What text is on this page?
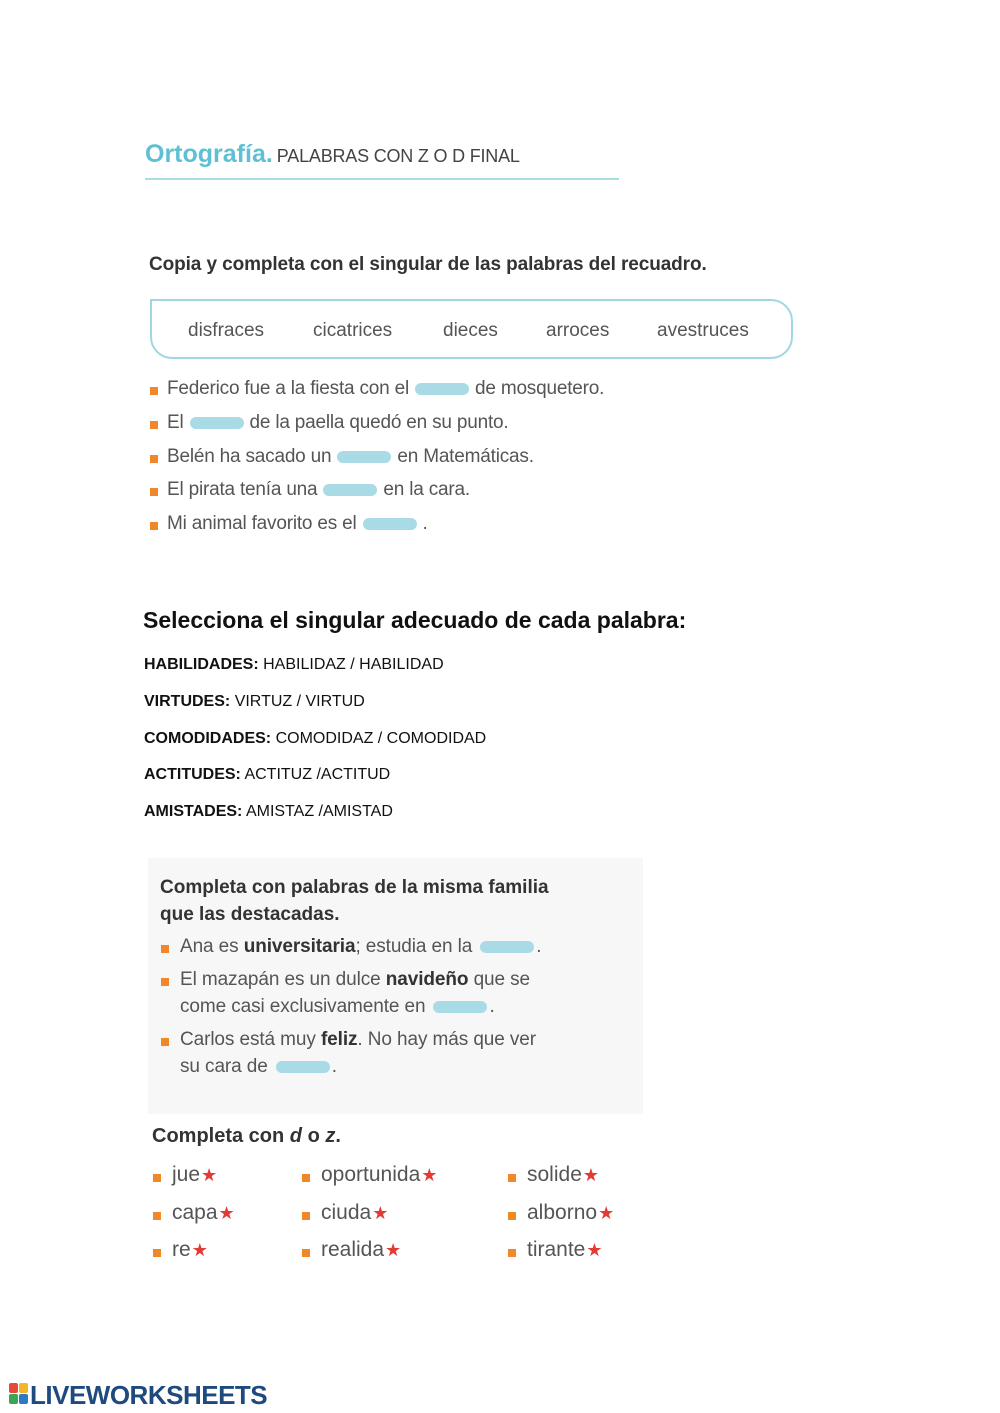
Ortografía. PALABRAS CON Z O D FINAL
Copia y completa con el singular de las palabras del recuadro.
disfraces	cicatrices	dieces	arroces	avestruces
Federico fue a la fiesta con el	de mosquetero.
El	de la paella quedó en su punto.
Belén ha sacado un	en Matemáticas.
El pirata tenía una	en la cara.
Mi animal favorito es el	.
Selecciona el singular adecuado de cada palabra:
HABILIDADES: HABILIDAZ / HABILIDAD
VIRTUDES: VIRTUZ / VIRTUD
COMODIDADES: COMODIDAZ / COMODIDAD
ACTITUDES: ACTITUZ /ACTITUD
AMISTADES: AMISTAZ /AMISTAD
Completa con palabras de la misma familia
que las destacadas.
Ana es universitaria; estudia en la	.
El mazapán es un dulce navideño que se
come casi exclusivamente en	.
Carlos está muy feliz. No hay más que ver
su cara de	.
Completa con d o z.
jue★	oportunida★	solide★
capa★	ciuda★	alborno★
re★	realida★	tirante★
LIVEWORKSHEETS
